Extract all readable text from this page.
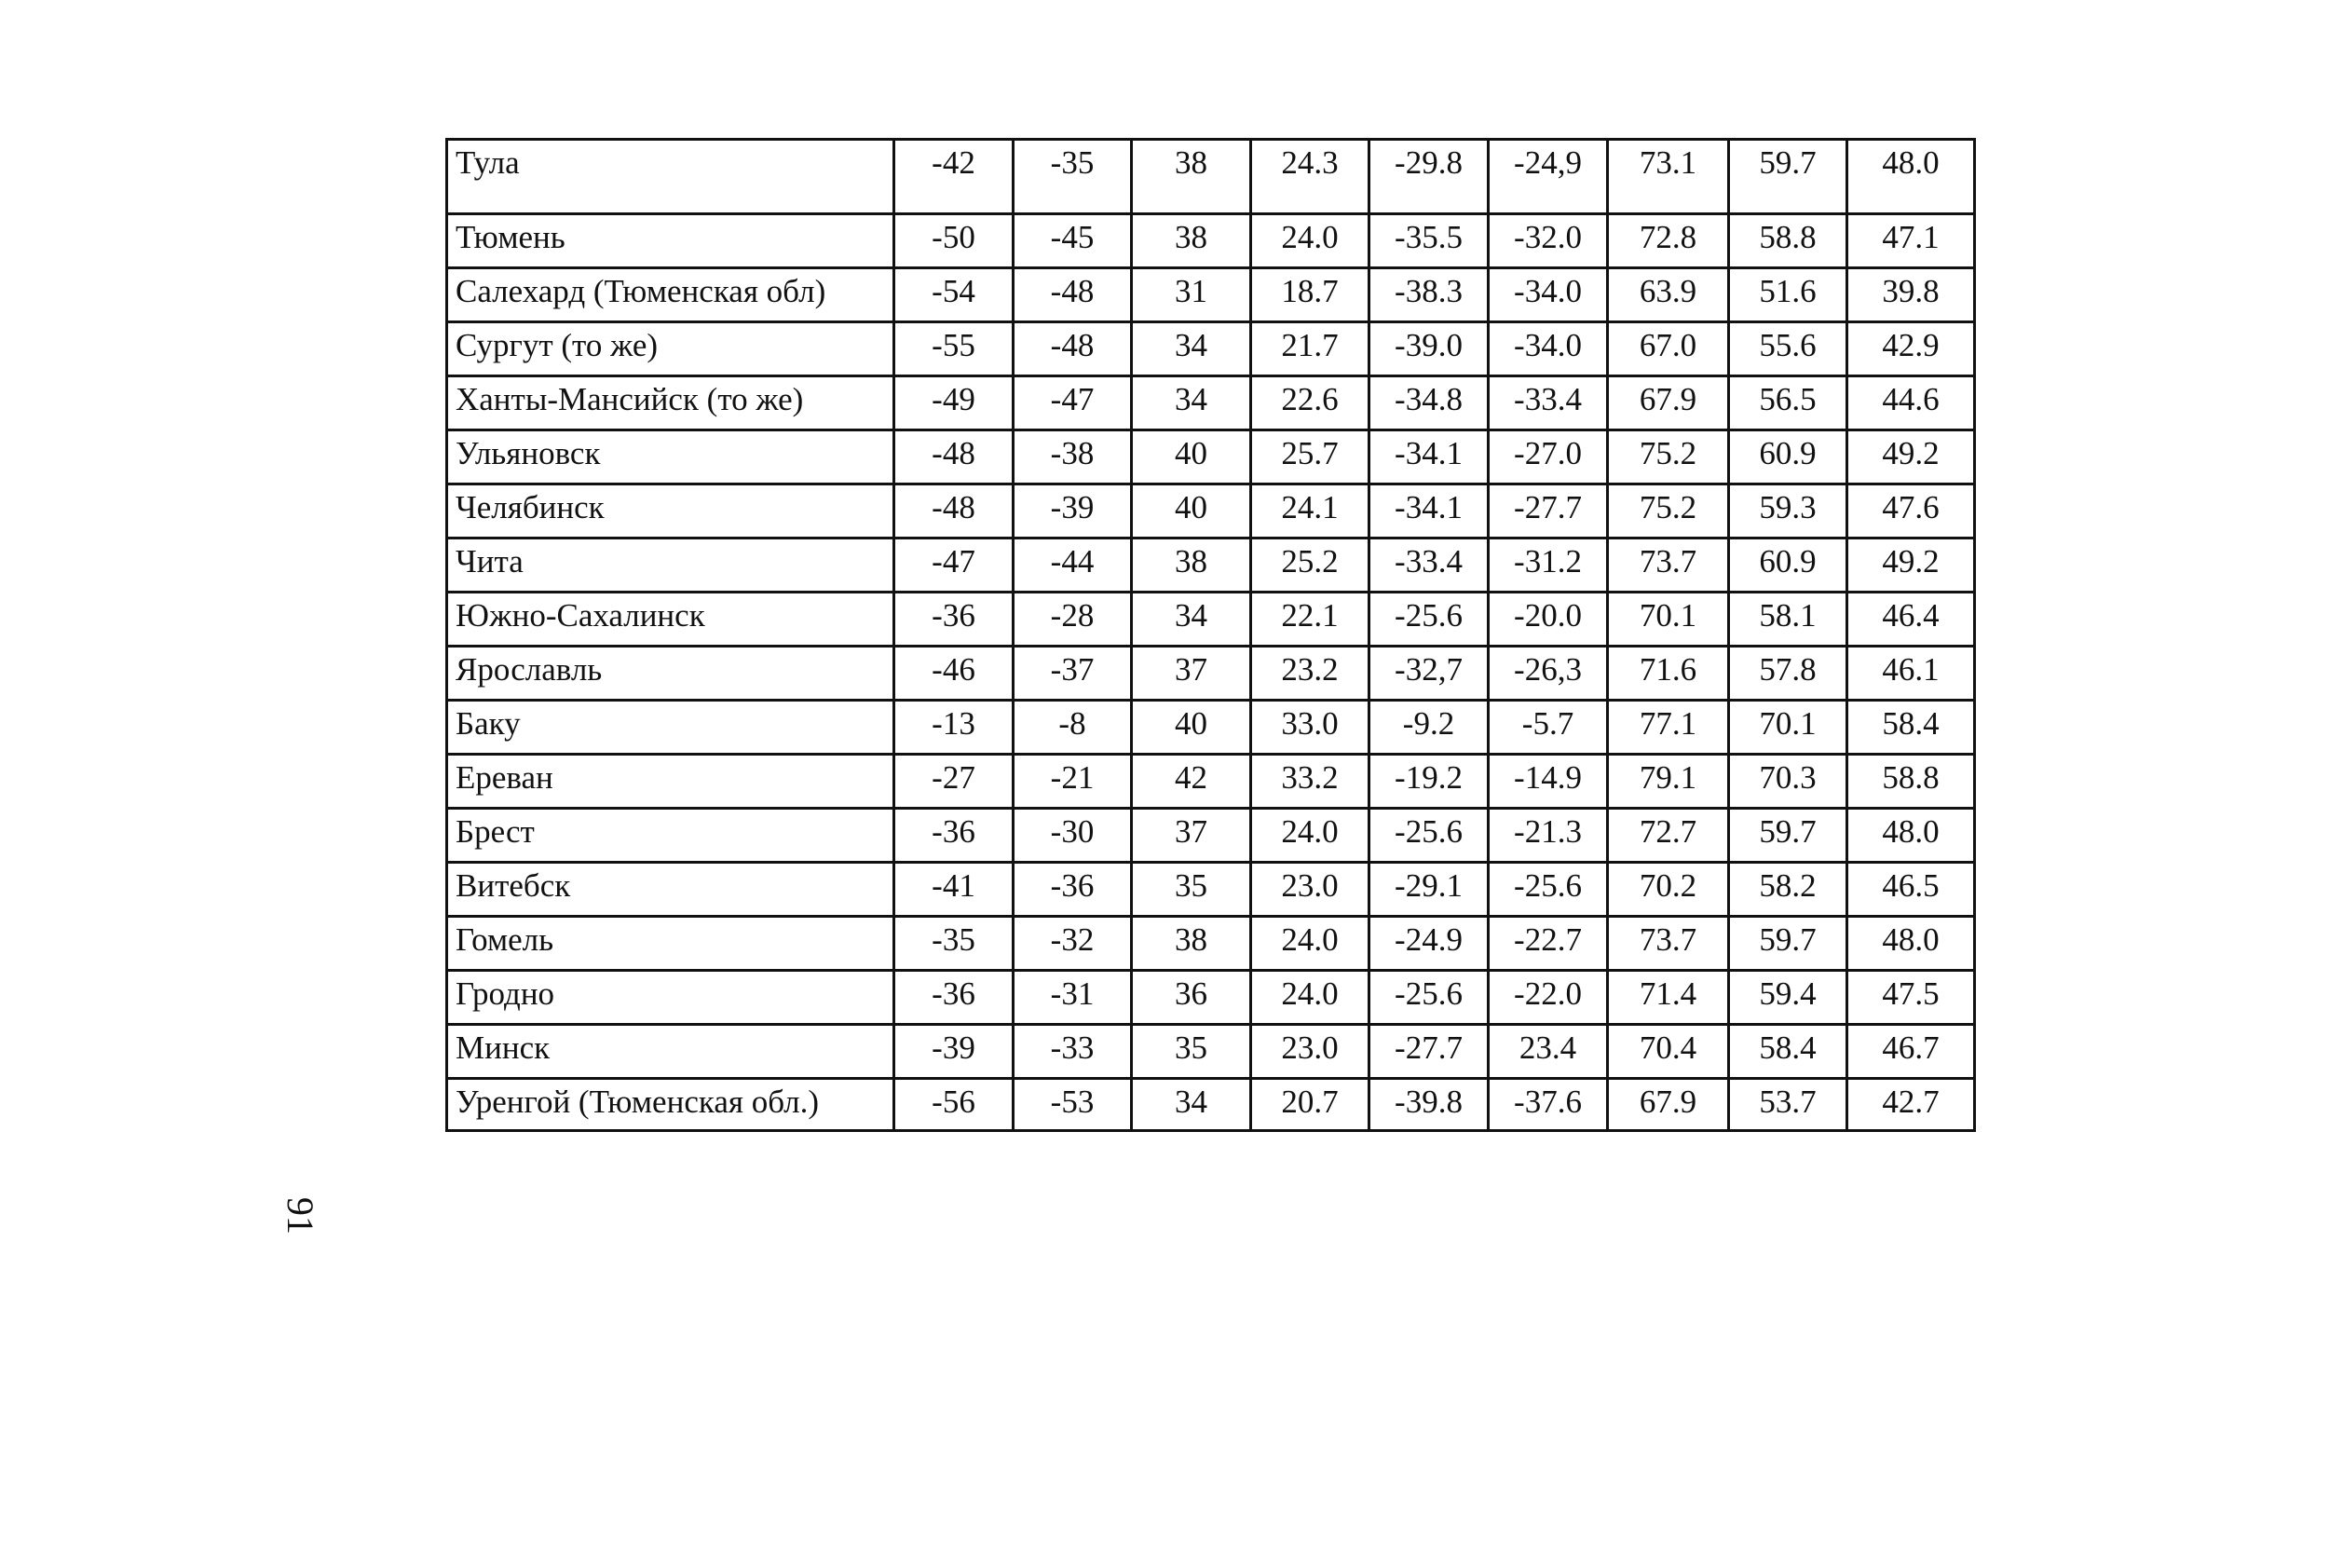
91
Тула	-42	-35	38	24.3	-29.8	-24,9	73.1	59.7	48.0
Тюмень	-50	-45	38	24.0	-35.5	-32.0	72.8	58.8	47.1
Салехард (Тюменская обл)	-54	-48	31	18.7	-38.3	-34.0	63.9	51.6	39.8
Сургут (то же)	-55	-48	34	21.7	-39.0	-34.0	67.0	55.6	42.9
Ханты-Мансийск (то же)	-49	-47	34	22.6	-34.8	-33.4	67.9	56.5	44.6
Ульяновск	-48	-38	40	25.7	-34.1	-27.0	75.2	60.9	49.2
Челябинск	-48	-39	40	24.1	-34.1	-27.7	75.2	59.3	47.6
Чита	-47	-44	38	25.2	-33.4	-31.2	73.7	60.9	49.2
Южно-Сахалинск	-36	-28	34	22.1	-25.6	-20.0	70.1	58.1	46.4
Ярославль	-46	-37	37	23.2	-32,7	-26,3	71.6	57.8	46.1
Баку	-13	-8	40	33.0	-9.2	-5.7	77.1	70.1	58.4
Ереван	-27	-21	42	33.2	-19.2	-14.9	79.1	70.3	58.8
Брест	-36	-30	37	24.0	-25.6	-21.3	72.7	59.7	48.0
Витебск	-41	-36	35	23.0	-29.1	-25.6	70.2	58.2	46.5
Гомель	-35	-32	38	24.0	-24.9	-22.7	73.7	59.7	48.0
Гродно	-36	-31	36	24.0	-25.6	-22.0	71.4	59.4	47.5
Минск	-39	-33	35	23.0	-27.7	23.4	70.4	58.4	46.7
Уренгой (Тюменская обл.)	-56	-53	34	20.7	-39.8	-37.6	67.9	53.7	42.7
